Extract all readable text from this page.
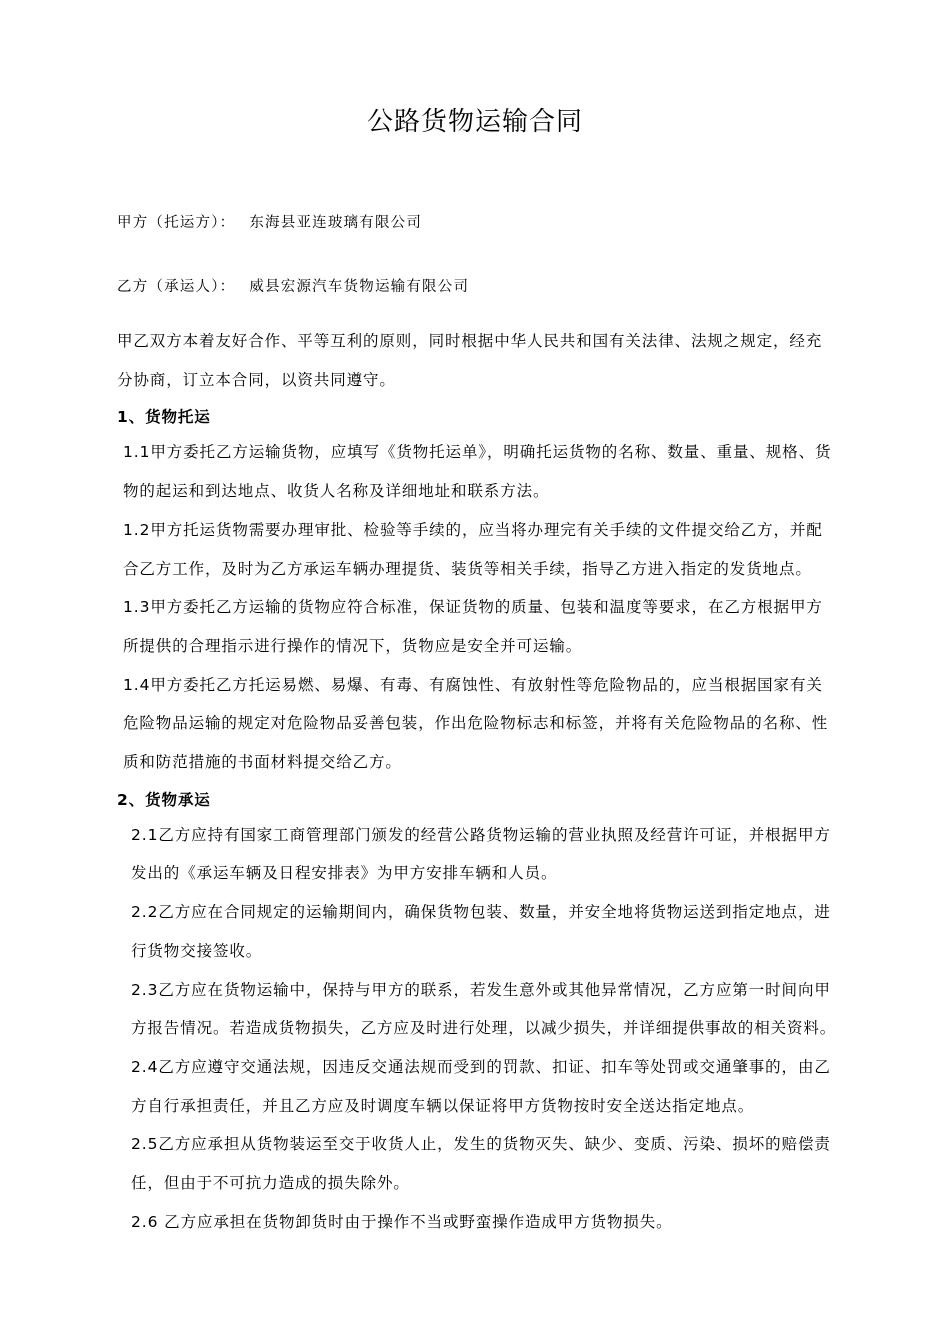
公路货物运输合同
甲方（托运方）： 东海县亚连玻璃有限公司
乙方（承运人）： 威县宏源汽车货物运输有限公司

甲乙双方本着友好合作、平等互利的原则，同时根据中华人民共和国有关法律、法规之规定，经充分协商，订立本合同，以资共同遵守。

1、货物托运

1.1甲方委托乙方运输货物，应填写《货物托运单》，明确托运货物的名称、数量、重量、规格、货物的起运和到达地点、收货人名称及详细地址和联系方法。

1.2甲方托运货物需要办理审批、检验等手续的，应当将办理完有关手续的文件提交给乙方，并配合乙方工作，及时为乙方承运车辆办理提货、装货等相关手续，指导乙方进入指定的发货地点。

1.3甲方委托乙方运输的货物应符合标准，保证货物的质量、包装和温度等要求，在乙方根据甲方所提供的合理指示进行操作的情况下，货物应是安全并可运输。

1.4甲方委托乙方托运易燃、易爆、有毒、有腐蚀性、有放射性等危险物品的，应当根据国家有关危险物品运输的规定对危险物品妥善包装，作出危险物标志和标签，并将有关危险物品的名称、性质和防范措施的书面材料提交给乙方。

2、货物承运

2.1乙方应持有国家工商管理部门颁发的经营公路货物运输的营业执照及经营许可证，并根据甲方发出的《承运车辆及日程安排表》为甲方安排车辆和人员。

2.2乙方应在合同规定的运输期间内，确保货物包装、数量，并安全地将货物运送到指定地点，进行货物交接签收。

2.3乙方应在货物运输中，保持与甲方的联系，若发生意外或其他异常情况，乙方应第一时间向甲方报告情况。若造成货物损失，乙方应及时进行处理，以减少损失，并详细提供事故的相关资料。

2.4乙方应遵守交通法规，因违反交通法规而受到的罚款、扣证、扣车等处罚或交通肇事的，由乙方自行承担责任，并且乙方应及时调度车辆以保证将甲方货物按时安全送达指定地点。

2.5乙方应承担从货物装运至交于收货人止，发生的货物灭失、缺少、变质、污染、损坏的赔偿责任，但由于不可抗力造成的损失除外。

2.6 乙方应承担在货物卸货时由于操作不当或野蛮操作造成甲方货物损失。
